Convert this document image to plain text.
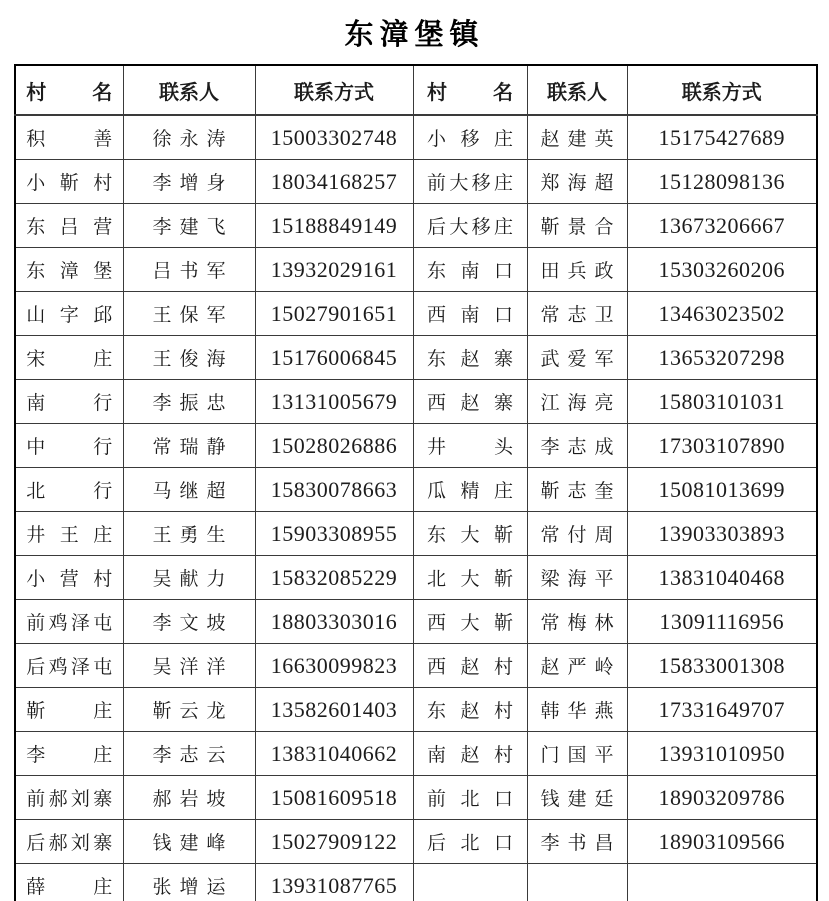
东漳堡镇
村名	联系人	联系方式	村名	联系人	联系方式
积善	徐永涛	15003302748	小移庄	赵建英	15175427689
小靳村	李增身	18034168257	前大移庄	郑海超	15128098136
东吕营	李建飞	15188849149	后大移庄	靳景合	13673206667
东漳堡	吕书军	13932029161	东南口	田兵政	15303260206
山字邱	王保军	15027901651	西南口	常志卫	13463023502
宋庄	王俊海	15176006845	东赵寨	武爱军	13653207298
南行	李振忠	13131005679	西赵寨	江海亮	15803101031
中行	常瑞静	15028026886	井头	李志成	17303107890
北行	马继超	15830078663	瓜精庄	靳志奎	15081013699
井王庄	王勇生	15903308955	东大靳	常付周	13903303893
小营村	吴献力	15832085229	北大靳	梁海平	13831040468
前鸡泽屯	李文坡	18803303016	西大靳	常梅林	13091116956
后鸡泽屯	吴洋洋	16630099823	西赵村	赵严岭	15833001308
靳庄	靳云龙	13582601403	东赵村	韩华燕	17331649707
李庄	李志云	13831040662	南赵村	门国平	13931010950
前郝刘寨	郝岩坡	15081609518	前北口	钱建廷	18903209786
后郝刘寨	钱建峰	15027909122	后北口	李书昌	18903109566
薛庄	张增运	13931087765			
